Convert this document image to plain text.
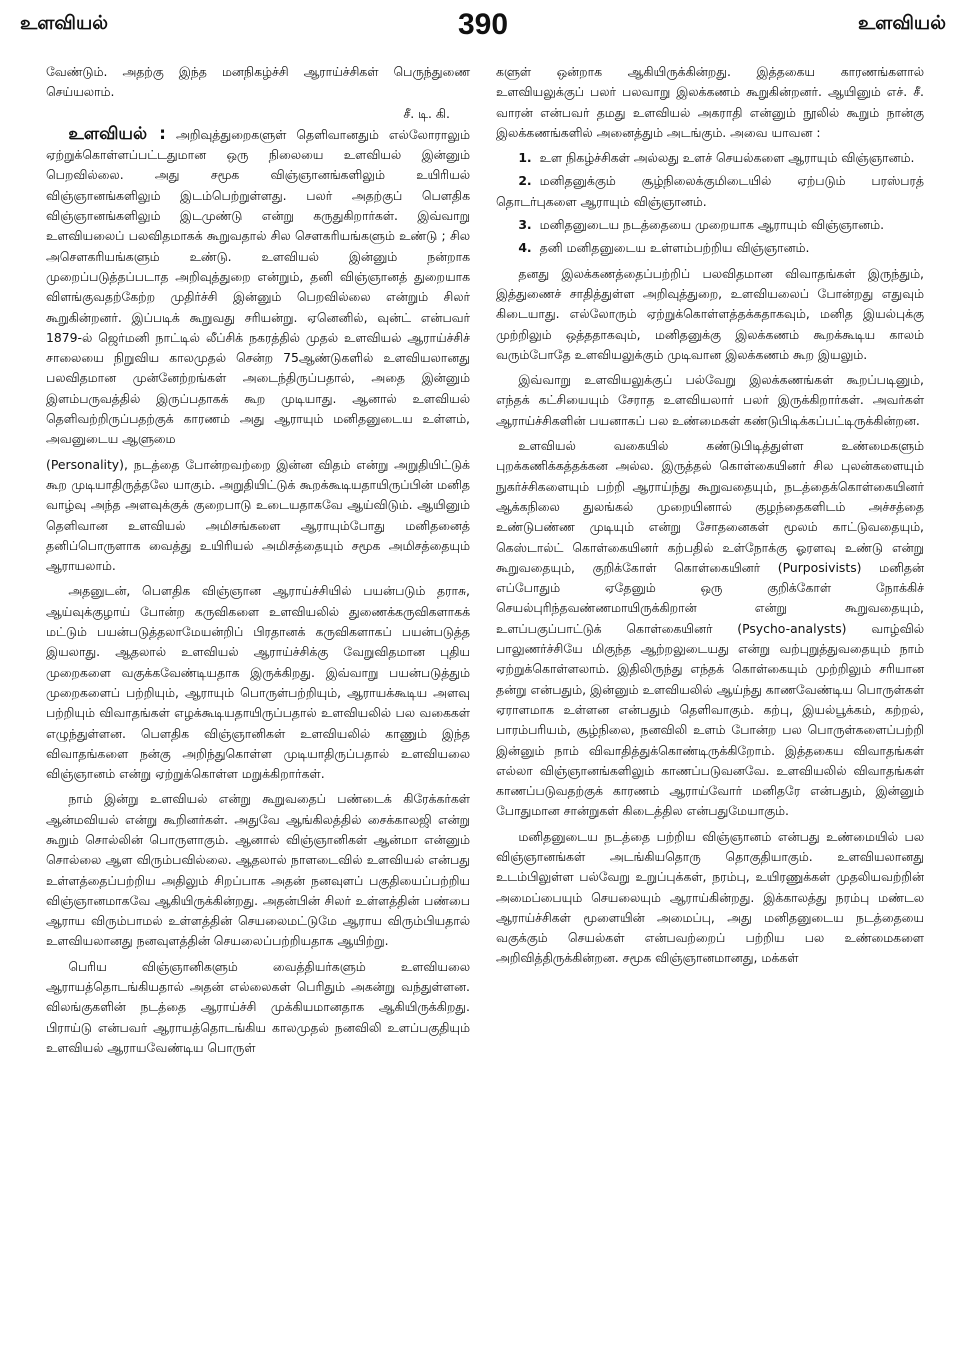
உளவியல்	390	உளவியல்

வேண்டும். அதற்கு இந்த மனநிகழ்ச்சி ஆராய்ச்சிகள் பெருந்துணை செய்யலாம்.

சீ. டி. கி.

உளவியல் : அறிவுத்துறைகளுள் தெளிவானதும் எல்லோராலும் ஏற்றுக்கொள்ளப்பட்டதுமான ஒரு நிலையை உளவியல் இன்னும் பெறவில்லை. அது சமூக விஞ்ஞானங்களிலும் உயிரியல் விஞ்ஞானங்களிலும் இடம்பெற்றுள்ளது. பலர் அதற்குப் பௌதிக விஞ்ஞானங்களிலும் இடமுண்டு என்று கருதுகிறார்கள். இவ்வாறு உளவியலைப் பலவிதமாகக் கூறுவதால் சில சௌகரியங்களும் உண்டு ; சில அசௌகரியங்களும் உண்டு. உளவியல் இன்னும் நன்றாக முறைப்படுத்தப்படாத அறிவுத்துறை என்றும், தனி விஞ்ஞானத் துறையாக விளங்குவதற்கேற்ற முதிர்ச்சி இன்னும் பெறவில்லை என்றும் சிலர் கூறுகின்றனர். இப்படிக் கூறுவது சரியன்று. ஏனெனில், வுன்ட் என்பவர் 1879-ல் ஜெர்மனி நாட்டில் லீப்சிக் நகரத்தில் முதல் உளவியல் ஆராய்ச்சிச் சாலையை நிறுவிய காலமுதல் சென்ற 75ஆண்டுகளில் உளவியலானது பலவிதமான முன்னேற்றங்கள் அடைந்திருப்பதால், அதை இன்னும் இளம்பருவத்தில் இருப்பதாகக் கூற முடியாது. ஆனால் உளவியல் தெளிவற்றிருப்பதற்குக் காரணம் அது ஆராயும் மனிதனுடைய உள்ளம், அவனுடைய ஆளுமை

(Personality), நடத்தை போன்றவற்றை இன்ன விதம் என்று அறுதியிட்டுக் கூற முடியாதிருத்தலே யாகும். அறுதியிட்டுக் கூறக்கூடியதாயிருப்பின் மனித வாழ்வு அந்த அளவுக்குக் குறைபாடு உடையதாகவே ஆய்விடும். ஆயினும் தெளிவான உளவியல் அமிசங்களை ஆராயும்போது மனிதனைத் தனிப்பொருளாக வைத்து உயிரியல் அமிசத்தையும் சமூக அமிசத்தையும் ஆராயலாம்.

அதனுடன், பௌதிக விஞ்ஞான ஆராய்ச்சியில் பயன்படும் தராசு, ஆய்வுக்குழாய் போன்ற கருவிகளை உளவியலில் துணைக்கருவிகளாகக் மட்டும் பயன்படுத்தலாமேயன்றிப் பிரதானக் கருவிகளாகப் பயன்படுத்த இயலாது. ஆதலால் உளவியல் ஆராய்ச்சிக்கு வேறுவிதமான புதிய முறைகளை வகுக்கவேண்டியதாக இருக்கிறது. இவ்வாறு பயன்படுத்தும் முறைகளைப் பற்றியும், ஆராயும் பொருள்பற்றியும், ஆராயக்கூடிய அளவு பற்றியும் விவாதங்கள் எழக்கூடியதாயிருப்பதால் உளவியலில் பல வகைகள் எழுந்துள்ளன. பௌதிக விஞ்ஞானிகள் உளவியலில் காணும் இந்த விவாதங்களை நன்கு அறிந்துகொள்ள முடியாதிருப்பதால் உளவியலை விஞ்ஞானம் என்று ஏற்றுக்கொள்ள மறுக்கிறார்கள்.

நாம் இன்று உளவியல் என்று கூறுவதைப் பண்டைக் கிரேக்கர்கள் ஆன்மவியல் என்று கூறினர்கள். அதுவே ஆங்கிலத்தில் சைக்காலஜி என்று கூறும் சொல்லின் பொருளாகும். ஆனால் விஞ்ஞானிகள் ஆன்மா என்னும் சொல்லை ஆள விரும்பவில்லை. ஆதலால் நாளடைவில் உளவியல் என்பது உள்ளத்தைப்பற்றிய அதிலும் சிறப்பாக அதன் நனவுளப் பகுதியைப்பற்றிய விஞ்ஞானமாகவே ஆகியிருக்கின்றது. அதன்பின் சிலர் உள்ளத்தின் பண்பை ஆராய விரும்பாமல் உள்ளத்தின் செயலைமட்டுமே ஆராய விரும்பியதால் உளவியலானது நனவுளத்தின் செயலைப்பற்றியதாக ஆயிற்று.

பெரிய விஞ்ஞானிகளும் வைத்தியர்களும் உளவியலை ஆராயத்தொடங்கியதால் அதன் எல்லைகள் பெரிதும் அகன்று வந்துள்ளன. விலங்குகளின் நடத்தை ஆராய்ச்சி முக்கியமானதாக ஆகியிருக்கிறது. பிராய்டு என்பவர் ஆராயத்தொடங்கிய காலமுதல் நனவிலி உளப்பகுதியும் உளவியல் ஆராயவேண்டிய பொருள்

களுள் ஒன்றாக ஆகியிருக்கின்றது. இத்தகைய காரணங்களால் உளவியலுக்குப் பலர் பலவாறு இலக்கணம் கூறுகின்றனர். ஆயினும் எச். சீ. வாரன் என்பவர் தமது உளவியல் அகராதி என்னும் நூலில் கூறும் நான்கு இலக்கணங்களில் அனைத்தும் அடங்கும். அவை யாவன :

1. உள நிகழ்ச்சிகள் அல்லது உளச் செயல்களை ஆராயும் விஞ்ஞானம்.
2. மனிதனுக்கும் சூழ்நிலைக்குமிடையில் ஏற்படும் பரஸ்பரத் தொடர்புகளை ஆராயும் விஞ்ஞானம்.
3. மனிதனுடைய நடத்தையை முறையாக ஆராயும் விஞ்ஞானம்.
4. தனி மனிதனுடைய உள்ளம்பற்றிய விஞ்ஞானம்.

தனது இலக்கணத்தைப்பற்றிப் பலவிதமான விவாதங்கள் இருந்தும், இத்துணைச் சாதித்துள்ள அறிவுத்துறை, உளவியலைப் போன்றது எதுவும் கிடையாது. எல்லோரும் ஏற்றுக்கொள்ளத்தக்கதாகவும், மனித இயல்புக்கு முற்றிலும் ஒத்ததாகவும், மனிதனுக்கு இலக்கணம் கூறக்கூடிய காலம் வரும்போதே உளவியலுக்கும் முடிவான இலக்கணம் கூற இயலும்.

இவ்வாறு உளவியலுக்குப் பல்வேறு இலக்கணங்கள் கூறப்படினும், எந்தக் கட்சியையும் சேராத உளவியலார் பலர் இருக்கிறார்கள். அவர்கள் ஆராய்ச்சிகளின் பயனாகப் பல உண்மைகள் கண்டுபிடிக்கப்பட்டிருக்கின்றன.

உளவியல் வகையில் கண்டுபிடித்துள்ள உண்மைகளும் புறக்கணிக்கத்தக்கன அல்ல. இருத்தல் கொள்கையினர் சில புலன்களையும் நுகர்ச்சிகளையும் பற்றி ஆராய்ந்து கூறுவதையும், நடத்தைக்கொள்கையினர் ஆக்கநிலை துலங்கல் முறையினால் குழந்தைகளிடம் அச்சத்தை உண்டுபண்ண முடியும் என்று சோதனைகள் மூலம் காட்டுவதையும், கெஸ்டால்ட் கொள்கையினர் கற்பதில் உள்நோக்கு ஓரளவு உண்டு என்று கூறுவதையும், குறிக்கோள் கொள்கையினர் (Purposivists) மனிதன் எப்போதும் ஏதேனும் ஒரு குறிக்கோள் நோக்கிச் செயல்புரிந்தவண்ணமாயிருக்கிறான் என்று கூறுவதையும், உளப்பகுப்பாட்டுக் கொள்கையினர் (Psycho-analysts) வாழ்வில் பாலுணர்ச்சியே மிகுந்த ஆற்றலுடையது என்று வற்புறுத்துவதையும் நாம் ஏற்றுக்கொள்ளலாம். இதிலிருந்து எந்தக் கொள்கையும் முற்றிலும் சரியான தன்று என்பதும், இன்னும் உளவியலில் ஆய்ந்து காணவேண்டிய பொருள்கள் ஏராளமாக உள்ளன என்பதும் தெளிவாகும். கற்பு, இயல்பூக்கம், கற்றல், பாரம்பரியம், சூழ்நிலை, நனவிலி உளம் போன்ற பல பொருள்களைப்பற்றி இன்னும் நாம் விவாதித்துக்கொண்டிருக்கிறோம். இத்தகைய விவாதங்கள் எல்லா விஞ்ஞானங்களிலும் காணப்படுவனவே. உளவியலில் விவாதங்கள் காணப்படுவதற்குக் காரணம் ஆராய்வோர் மனிதரே என்பதும், இன்னும் போதுமான சான்றுகள் கிடைத்தில என்பதுமேயாகும்.

மனிதனுடைய நடத்தை பற்றிய விஞ்ஞானம் என்பது உண்மையில் பல விஞ்ஞானங்கள் அடங்கியதொரு தொகுதியாகும். உளவியலானது உடம்பிலுள்ள பல்வேறு உறுப்புக்கள், நரம்பு, உயிரணுக்கள் முதலியவற்றின் அமைப்பையும் செயலையும் ஆராய்கின்றது. இக்காலத்து நரம்பு மண்டல ஆராய்ச்சிகள் மூளையின் அமைப்பு, அது மனிதனுடைய நடத்தையை வகுக்கும் செயல்கள் என்பவற்றைப் பற்றிய பல உண்மைகளை அறிவித்திருக்கின்றன. சமூக விஞ்ஞானமானது, மக்கள்
